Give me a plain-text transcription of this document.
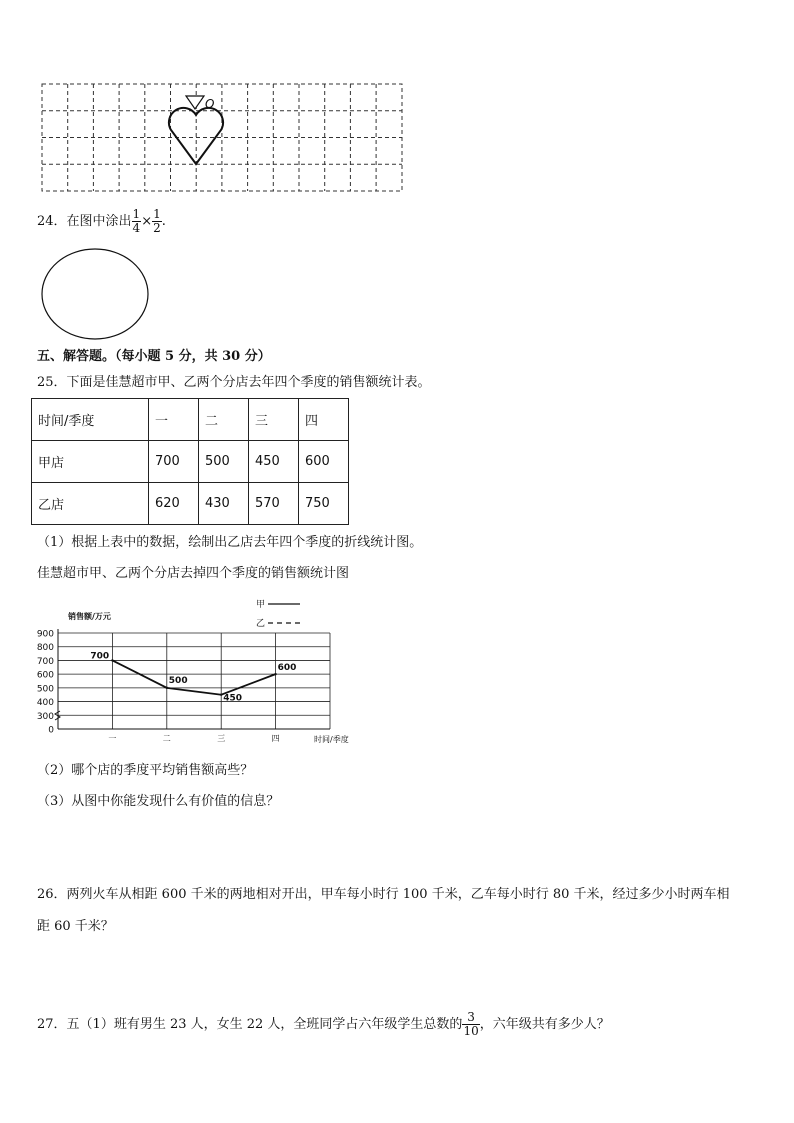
O
24．在图中涂出 $\frac{1}{4} \times \frac{1}{2}$ .
五、解答题。（每小题 5 分，共 30 分）
25．下面是佳慧超市甲、乙两个分店去年四个季度的销售额统计表。
时间/季度	一	二	三	四
甲店	700	500	450	600
乙店	620	430	570	750
（1）根据上表中的数据，绘制出乙店去年四个季度的折线统计图。
佳慧超市甲、乙两个分店去掉四个季度的销售额统计图
0
300
400
500
600
700
800
900
销售额/万元
时间/季度
一	二	三	四
甲
乙
700
500
450
600
（2）哪个店的季度平均销售额高些？
（3）从图中你能发现什么有价值的信息？
26．两列火车从相距 600 千米的两地相对开出，甲车每小时行 100 千米，乙车每小时行 80 千米，经过多少小时两车相
距 60 千米？
27．五（1）班有男生 23 人，女生 22 人，全班同学占六年级学生总数的 $\frac{3}{10}$ ，六年级共有多少人？
